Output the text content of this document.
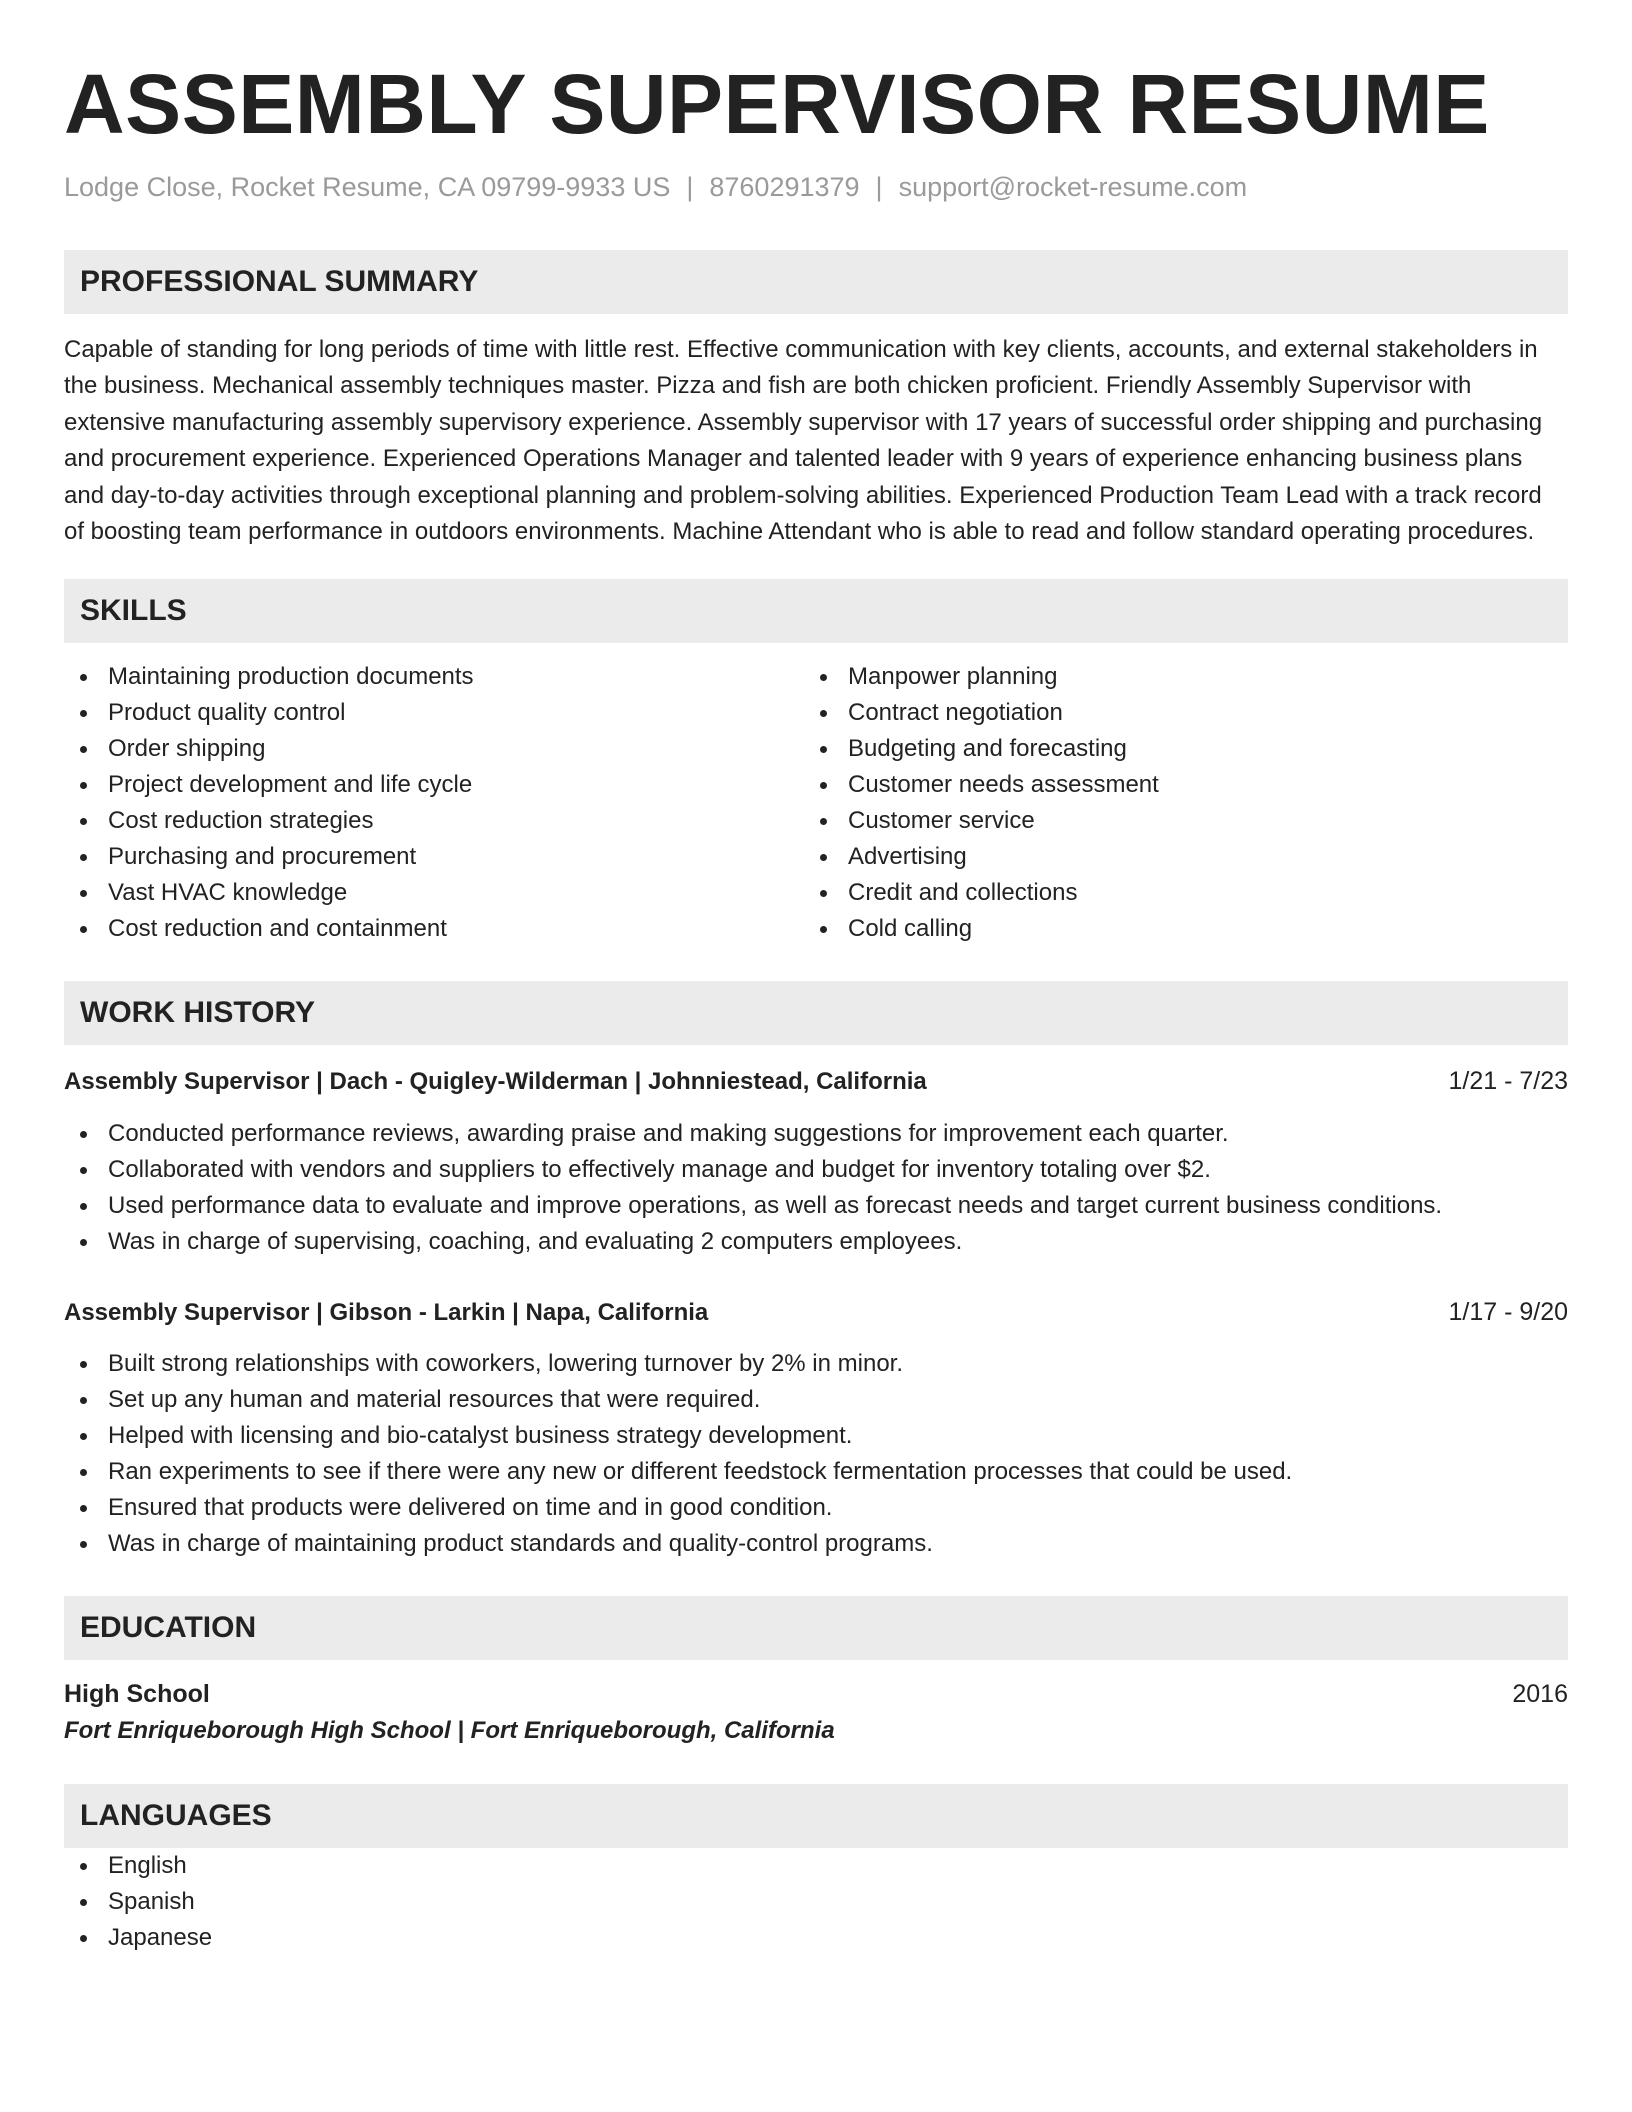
ASSEMBLY SUPERVISOR RESUME
Lodge Close, Rocket Resume, CA 09799-9933 US | 8760291379 | support@rocket-resume.com
PROFESSIONAL SUMMARY
Capable of standing for long periods of time with little rest. Effective communication with key clients, accounts, and external stakeholders in the business. Mechanical assembly techniques master. Pizza and fish are both chicken proficient. Friendly Assembly Supervisor with extensive manufacturing assembly supervisory experience. Assembly supervisor with 17 years of successful order shipping and purchasing and procurement experience. Experienced Operations Manager and talented leader with 9 years of experience enhancing business plans and day-to-day activities through exceptional planning and problem-solving abilities. Experienced Production Team Lead with a track record of boosting team performance in outdoors environments. Machine Attendant who is able to read and follow standard operating procedures.
SKILLS
Maintaining production documents
Product quality control
Order shipping
Project development and life cycle
Cost reduction strategies
Purchasing and procurement
Vast HVAC knowledge
Cost reduction and containment
Manpower planning
Contract negotiation
Budgeting and forecasting
Customer needs assessment
Customer service
Advertising
Credit and collections
Cold calling
WORK HISTORY
Assembly Supervisor | Dach - Quigley-Wilderman | Johnniestead, California	1/21 - 7/23
Conducted performance reviews, awarding praise and making suggestions for improvement each quarter.
Collaborated with vendors and suppliers to effectively manage and budget for inventory totaling over $2.
Used performance data to evaluate and improve operations, as well as forecast needs and target current business conditions.
Was in charge of supervising, coaching, and evaluating 2 computers employees.
Assembly Supervisor | Gibson - Larkin | Napa, California	1/17 - 9/20
Built strong relationships with coworkers, lowering turnover by 2% in minor.
Set up any human and material resources that were required.
Helped with licensing and bio-catalyst business strategy development.
Ran experiments to see if there were any new or different feedstock fermentation processes that could be used.
Ensured that products were delivered on time and in good condition.
Was in charge of maintaining product standards and quality-control programs.
EDUCATION
High School	2016
Fort Enriqueborough High School | Fort Enriqueborough, California
LANGUAGES
English
Spanish
Japanese
